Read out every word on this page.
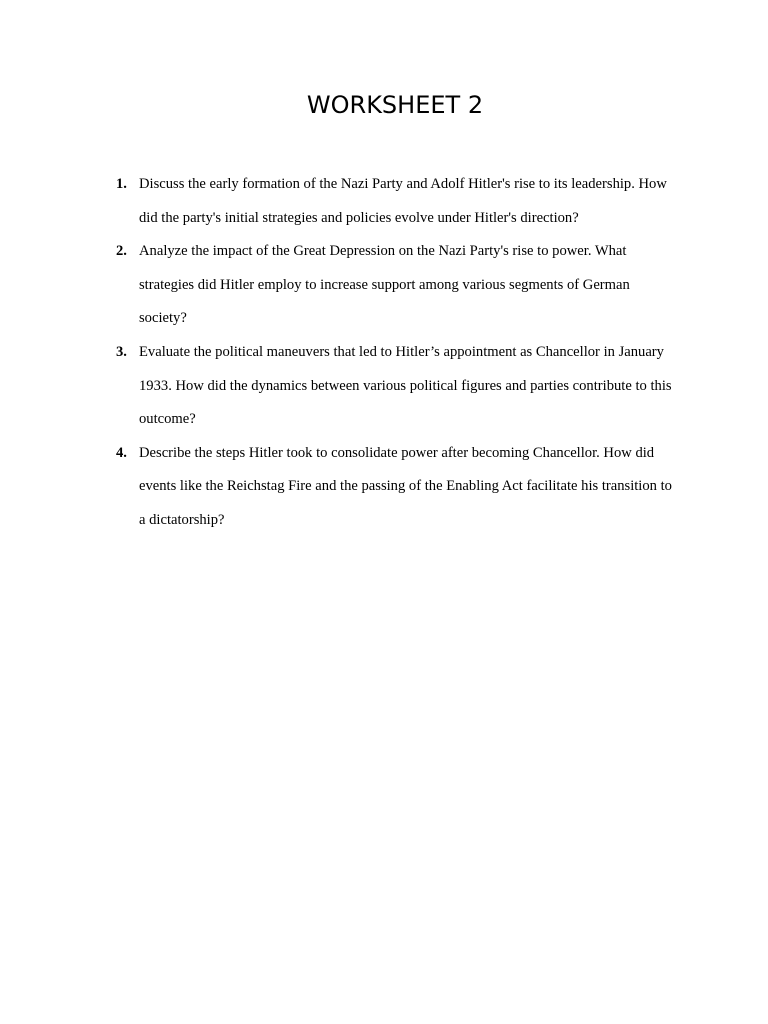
WORKSHEET 2
1. Discuss the early formation of the Nazi Party and Adolf Hitler's rise to its leadership. How did the party's initial strategies and policies evolve under Hitler's direction?
2. Analyze the impact of the Great Depression on the Nazi Party's rise to power. What strategies did Hitler employ to increase support among various segments of German society?
3. Evaluate the political maneuvers that led to Hitler’s appointment as Chancellor in January 1933. How did the dynamics between various political figures and parties contribute to this outcome?
4. Describe the steps Hitler took to consolidate power after becoming Chancellor. How did events like the Reichstag Fire and the passing of the Enabling Act facilitate his transition to a dictatorship?
